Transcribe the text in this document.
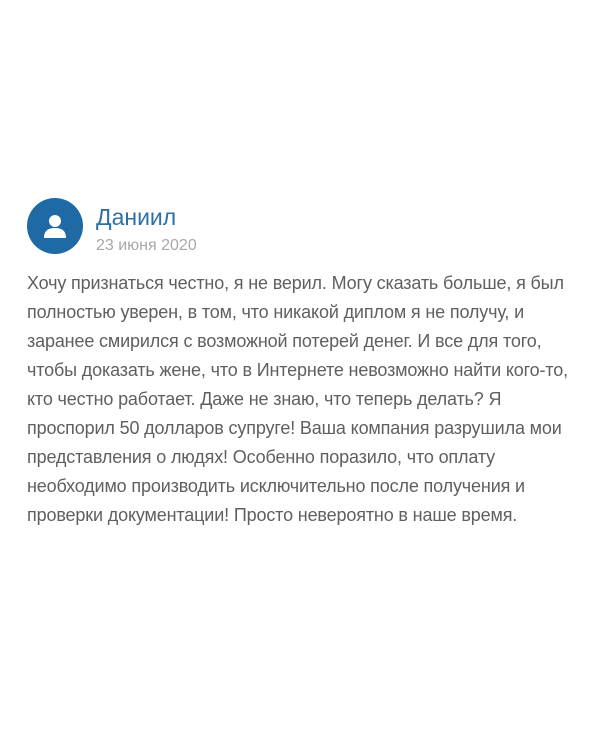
Даниил
23 июня 2020

Хочу признаться честно, я не верил. Могу сказать больше, я был полностью уверен, в том, что никакой диплом я не получу, и заранее смирился с возможной потерей денег. И все для того, чтобы доказать жене, что в Интернете невозможно найти кого-то, кто честно работает. Даже не знаю, что теперь делать? Я проспорил 50 долларов супруге! Ваша компания разрушила мои представления о людях! Особенно поразило, что оплату необходимо производить исключительно после получения и проверки документации! Просто невероятно в наше время.
